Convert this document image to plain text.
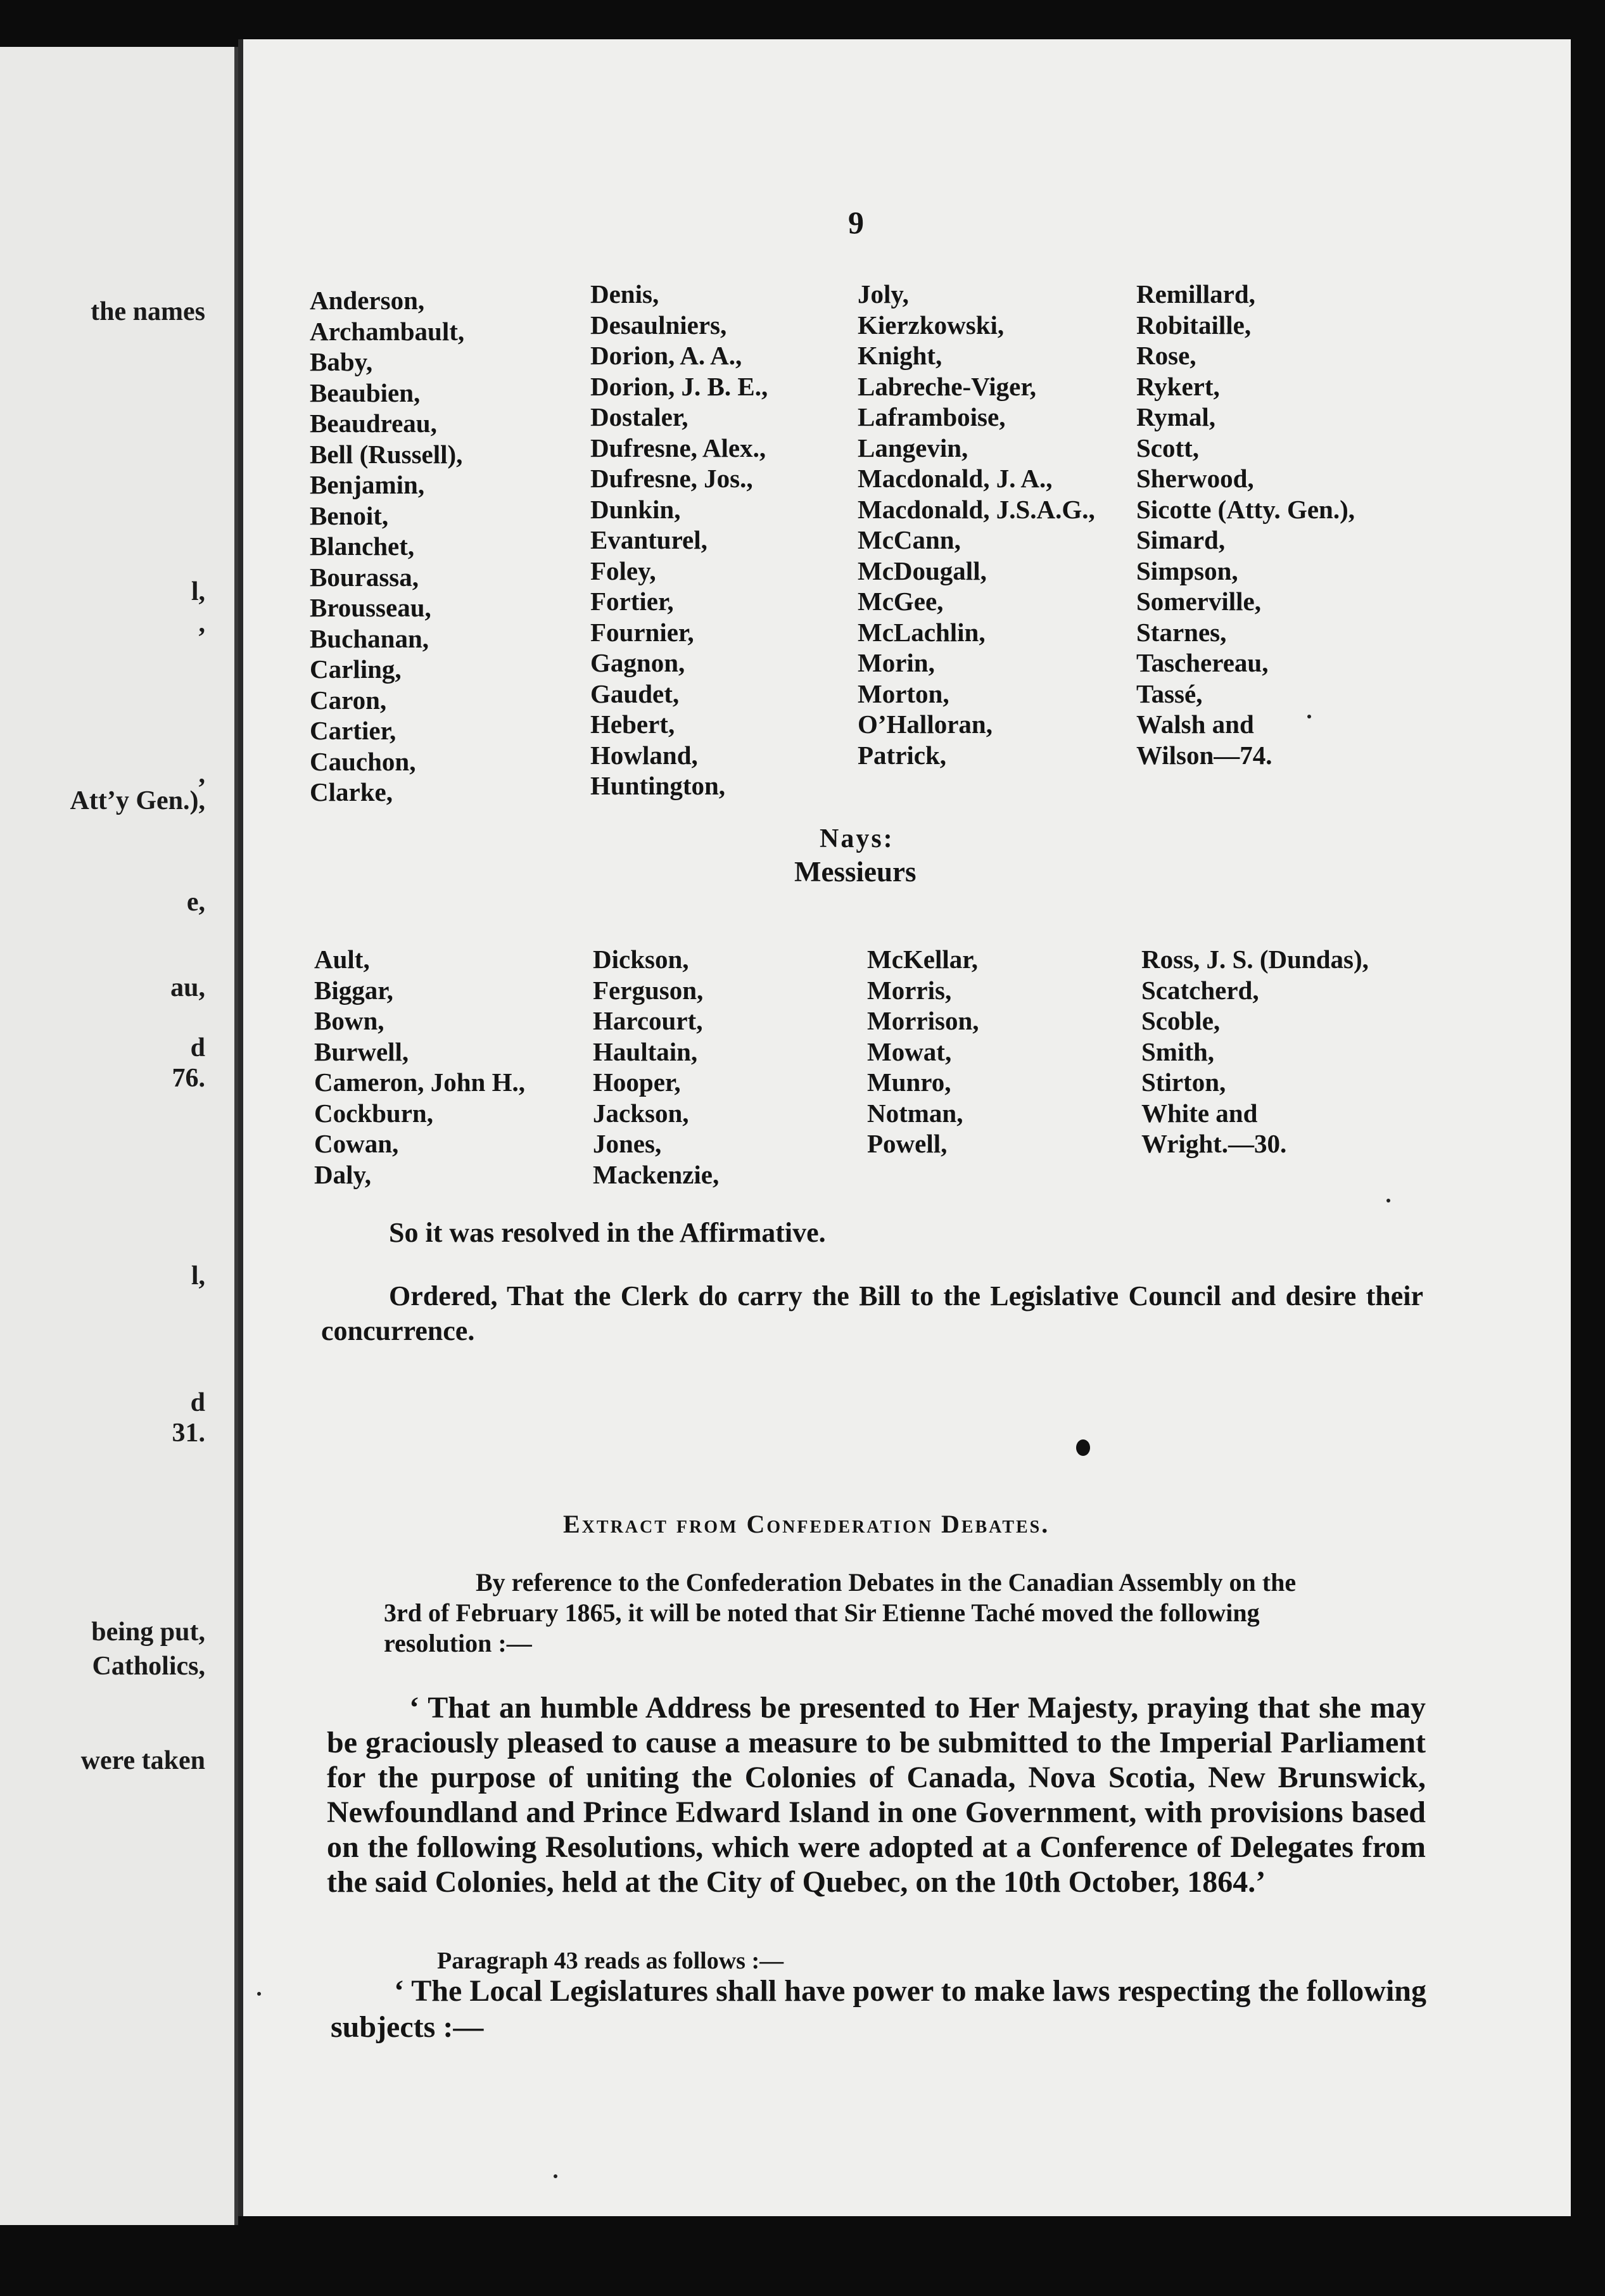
the names
l,
,
,
Att’y Gen.),
e,
au,
d
76.
l,
d
31.
being put,
Catholics,
were taken
9
Anderson,
Archambault,
Baby,
Beaubien,
Beaudreau,
Bell (Russell),
Benjamin,
Benoit,
Blanchet,
Bourassa,
Brousseau,
Buchanan,
Carling,
Caron,
Cartier,
Cauchon,
Clarke,
Denis,
Desaulniers,
Dorion, A. A.,
Dorion, J. B. E.,
Dostaler,
Dufresne, Alex.,
Dufresne, Jos.,
Dunkin,
Evanturel,
Foley,
Fortier,
Fournier,
Gagnon,
Gaudet,
Hebert,
Howland,
Huntington,
Joly,
Kierzkowski,
Knight,
Labreche-Viger,
Laframboise,
Langevin,
Macdonald, J. A.,
Macdonald, J.S.A.G.,
McCann,
McDougall,
McGee,
McLachlin,
Morin,
Morton,
O’Halloran,
Patrick,
Remillard,
Robitaille,
Rose,
Rykert,
Rymal,
Scott,
Sherwood,
Sicotte (Atty. Gen.),
Simard,
Simpson,
Somerville,
Starnes,
Taschereau,
Tassé,
Walsh and
Wilson—74.
Nays:
Messieurs
Ault,
Biggar,
Bown,
Burwell,
Cameron, John H.,
Cockburn,
Cowan,
Daly,
Dickson,
Ferguson,
Harcourt,
Haultain,
Hooper,
Jackson,
Jones,
Mackenzie,
McKellar,
Morris,
Morrison,
Mowat,
Munro,
Notman,
Powell,
Ross, J. S. (Dundas),
Scatcherd,
Scoble,
Smith,
Stirton,
White and
Wright.—30.
So it was resolved in the Affirmative.
Ordered, That the Clerk do carry the Bill to the Legislative Council and desire their concurrence.
Extract from Confederation Debates.
By reference to the Confederation Debates in the Canadian Assembly on the
3rd of February 1865, it will be noted that Sir Etienne Taché moved the following
resolution :—
‘ That an humble Address be presented to Her Majesty, praying that she may be graciously pleased to cause a measure to be submitted to the Imperial Parliament for the purpose of uniting the Colonies of Canada, Nova Scotia, New Brunswick, Newfoundland and Prince Edward Island in one Government, with provisions based on the following Resolutions, which were adopted at a Conference of Delegates from the said Colonies, held at the City of Quebec, on the 10th October, 1864.’
Paragraph 43 reads as follows :—
‘ The Local Legislatures shall have power to make laws respecting the following subjects :—
